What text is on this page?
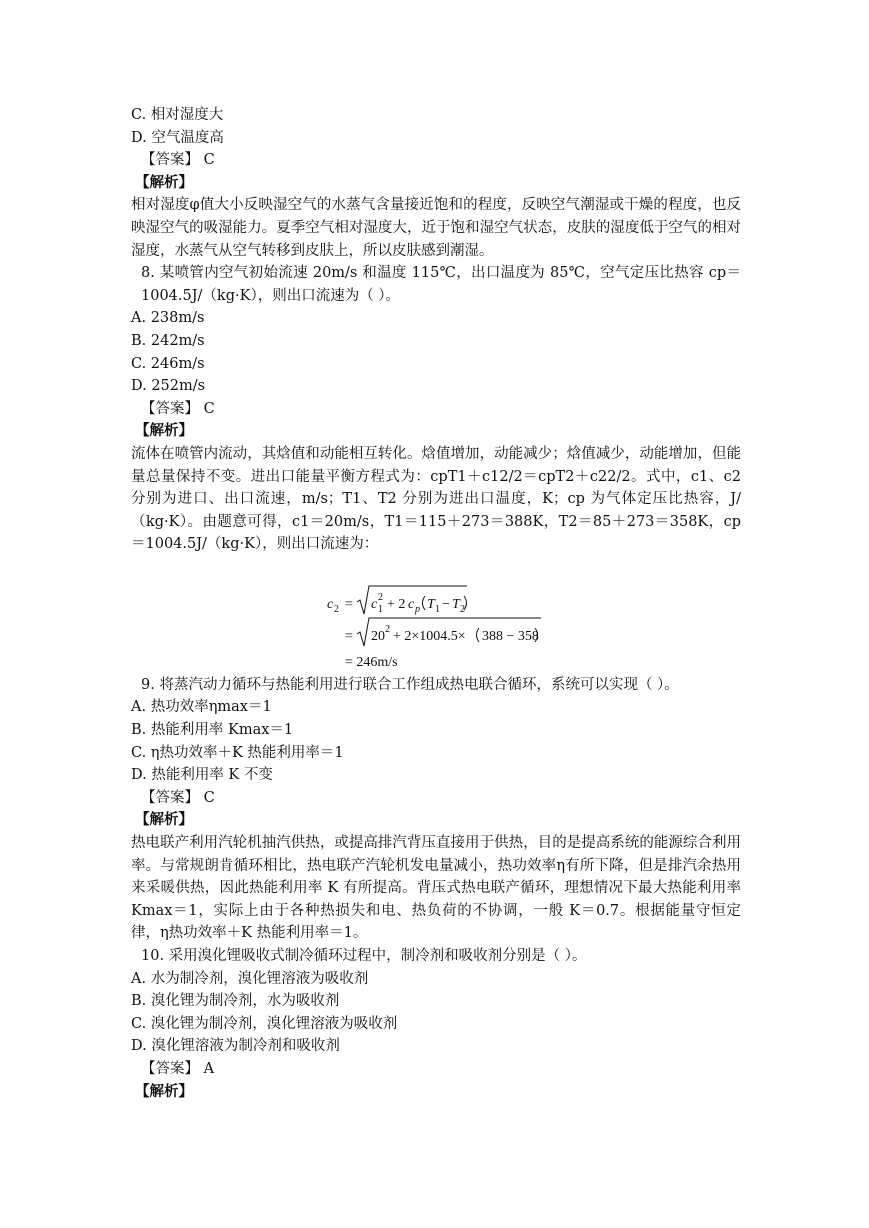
C. 相对湿度大
D. 空气温度高
【答案】 C
【解析】
相对湿度φ值大小反映湿空气的水蒸气含量接近饱和的程度，反映空气潮湿或干燥的程度，也反映湿空气的吸湿能力。夏季空气相对湿度大，近于饱和湿空气状态，皮肤的湿度低于空气的相对湿度，水蒸气从空气转移到皮肤上，所以皮肤感到潮湿。
8. 某喷管内空气初始流速 20m/s 和温度 115℃，出口温度为 85℃，空气定压比热容 cp＝1004.5J/（kg·K），则出口流速为（ ）。
A. 238m/s
B. 242m/s
C. 246m/s
D. 252m/s
【答案】 C
【解析】
流体在喷管内流动，其焓值和动能相互转化。焓值增加，动能减少；焓值减少，动能增加，但能量总量保持不变。进出口能量平衡方程式为：cpT1＋c12/2＝cpT2＋c22/2。式中，c1、c2 分别为进口、出口流速，m/s；T1、T2 分别为进出口温度，K；cp 为气体定压比热容，J/（kg·K）。由题意可得，c1＝20m/s，T1＝115＋273＝388K，T2＝85＋273＝358K，cp＝1004.5J/（kg·K），则出口流速为：
c 2 = c 1
2 + 2 c p T 1 − T 2
= 20 2 + 2×1004.5× 388 − 358
= 246m/s
9. 将蒸汽动力循环与热能利用进行联合工作组成热电联合循环，系统可以实现（ ）。
A. 热功效率ηmax＝1
B. 热能利用率 Kmax＝1
C. η热功效率＋K 热能利用率＝1
D. 热能利用率 K 不变
【答案】 C
【解析】
热电联产利用汽轮机抽汽供热，或提高排汽背压直接用于供热，目的是提高系统的能源综合利用率。与常规朗肯循环相比，热电联产汽轮机发电量减小，热功效率η有所下降，但是排汽余热用来采暖供热，因此热能利用率 K 有所提高。背压式热电联产循环，理想情况下最大热能利用率 Kmax＝1，实际上由于各种热损失和电、热负荷的不协调，一般 K＝0.7。根据能量守恒定律，η热功效率＋K 热能利用率＝1。
10. 采用溴化锂吸收式制冷循环过程中，制冷剂和吸收剂分别是（ ）。
A. 水为制冷剂，溴化锂溶液为吸收剂
B. 溴化锂为制冷剂，水为吸收剂
C. 溴化锂为制冷剂，溴化锂溶液为吸收剂
D. 溴化锂溶液为制冷剂和吸收剂
【答案】 A
【解析】
